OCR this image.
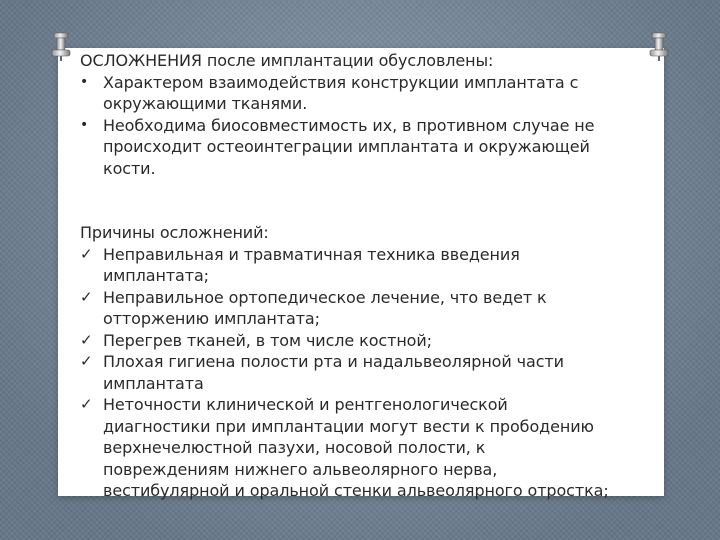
ОСЛОЖНЕНИЯ после имплантации обусловлены:

• Характером взаимодействия конструкции имплантата с

окружающими тканями.

• Необходима биосовместимость их, в противном случае не

происходит остеоинтеграции имплантата и окружающей

кости.

Причины осложнений:

✓ Неправильная и травматичная техника введения

имплантата;

✓ Неправильное ортопедическое лечение, что ведет к

отторжению имплантата;

✓ Перегрев тканей, в том числе костной;

✓ Плохая гигиена полости рта и надальвеолярной части

имплантата

✓ Неточности клинической и рентгенологической

диагностики при имплантации могут вести к прободению

верхнечелюстной пазухи, носовой полости, к

повреждениям нижнего альвеолярного нерва,

вестибулярной и оральной стенки альвеолярного отростка;
